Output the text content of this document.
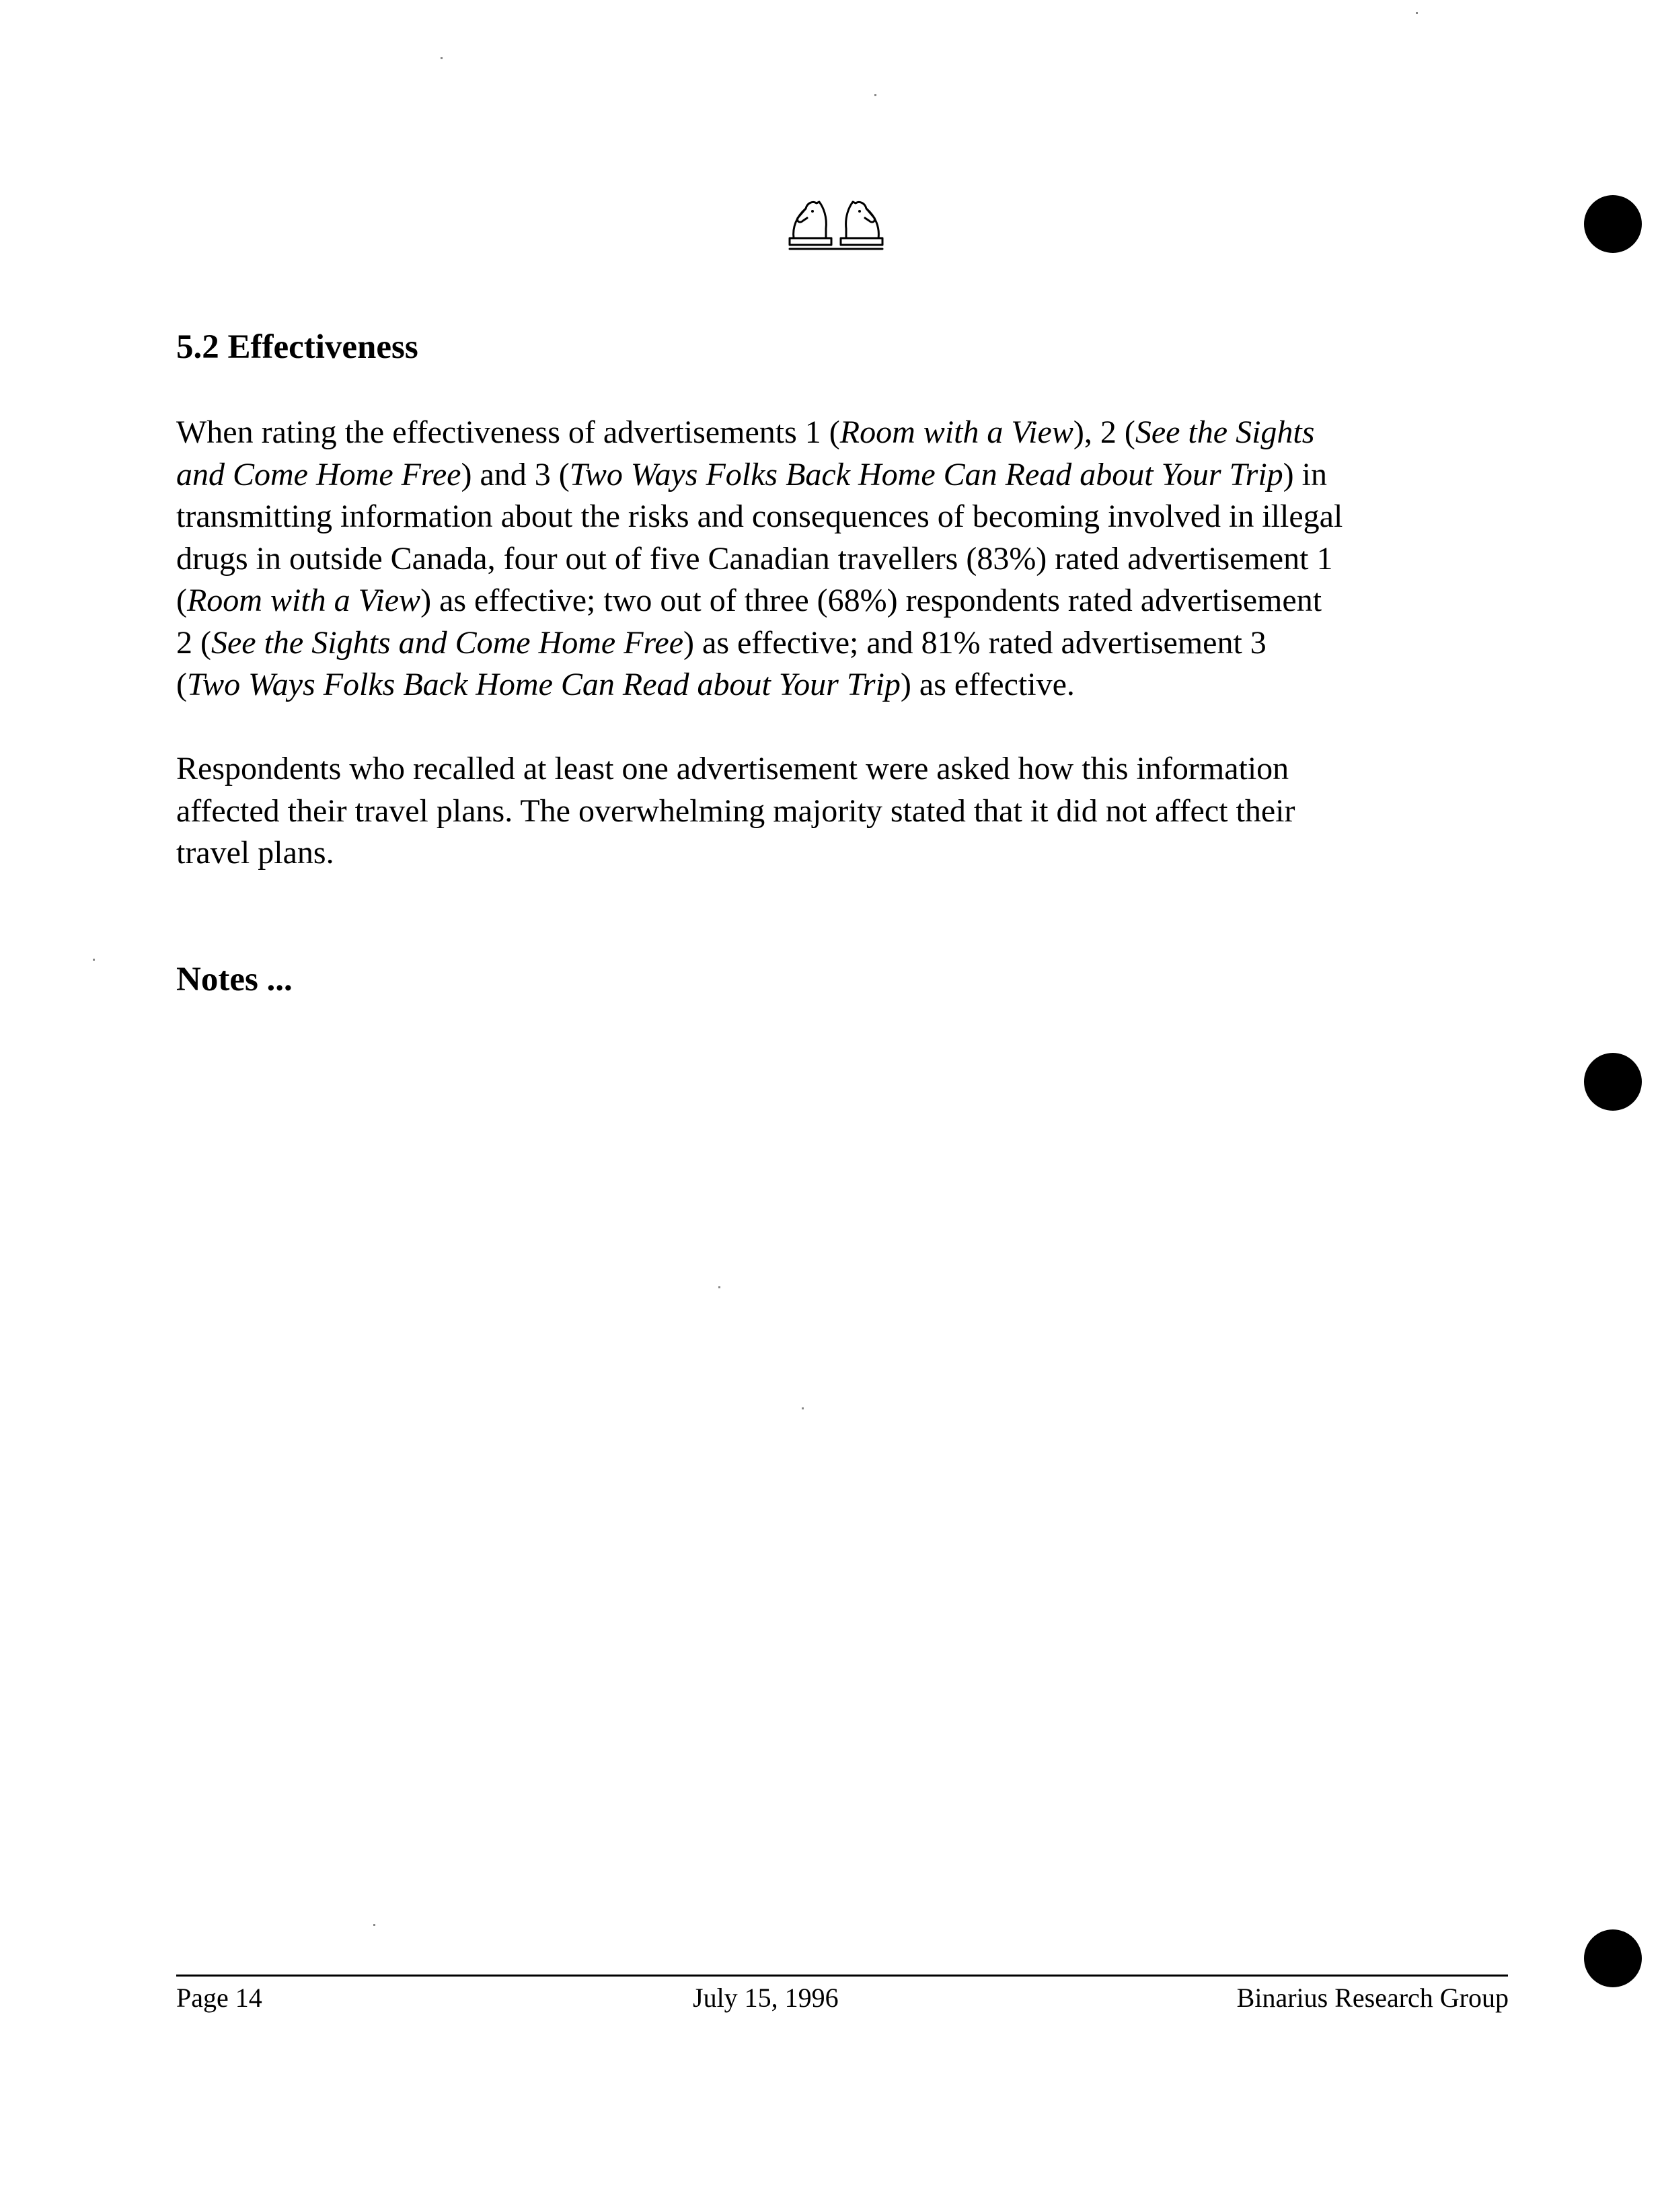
5.2 Effectiveness

When rating the effectiveness of advertisements 1 (Room with a View), 2 (See the Sights
and Come Home Free) and 3 (Two Ways Folks Back Home Can Read about Your Trip) in
transmitting information about the risks and consequences of becoming involved in illegal
drugs in outside Canada, four out of five Canadian travellers (83%) rated advertisement 1
(Room with a View) as effective; two out of three (68%) respondents rated advertisement
2 (See the Sights and Come Home Free) as effective; and 81% rated advertisement 3
(Two Ways Folks Back Home Can Read about Your Trip) as effective.

Respondents who recalled at least one advertisement were asked how this information
affected their travel plans. The overwhelming majority stated that it did not affect their
travel plans.

Notes ...
Page 14	July 15, 1996	Binarius Research Group
